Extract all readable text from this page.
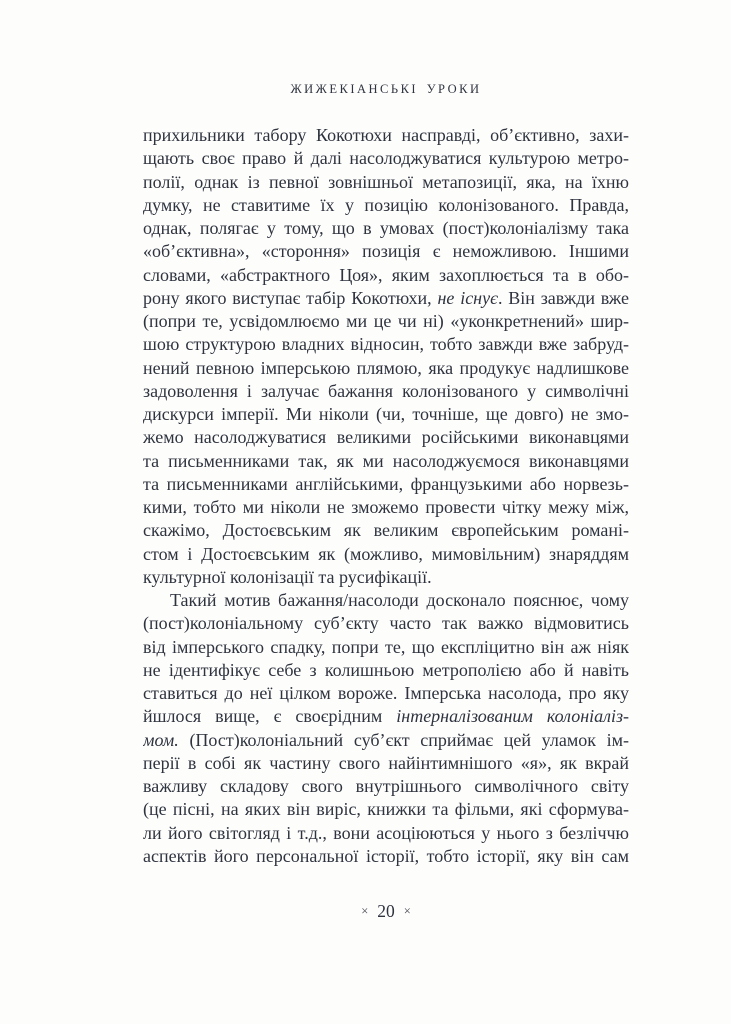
ЖИЖЕКІАНСЬКІ УРОКИ
прихильники табору Кокотюхи насправді, об’єктивно, захи-
щають своє право й далі насолоджуватися культурою метро-
полії, однак із певної зовнішньої метапозиції, яка, на їхню
думку, не ставитиме їх у позицію колонізованого. Правда,
однак, полягає у тому, що в умовах (пост)колоніалізму така
«об’єктивна», «стороння» позиція є неможливою. Іншими
словами, «абстрактного Цоя», яким захоплюється та в обо-
рону якого виступає табір Кокотюхи, не існує. Він завжди вже
(попри те, усвідомлюємо ми це чи ні) «уконкретнений» шир-
шою структурою владних відносин, тобто завжди вже забруд-
нений певною імперською плямою, яка продукує надлишкове
задоволення і залучає бажання колонізованого у символічні
дискурси імперії. Ми ніколи (чи, точніше, ще довго) не змо-
жемо насолоджуватися великими російськими виконавцями
та письменниками так, як ми насолоджуємося виконавцями
та письменниками англійськими, французькими або норвезь-
кими, тобто ми ніколи не зможемо провести чітку межу між,
скажімо, Достоєвським як великим європейським романі-
стом і Достоєвським як (можливо, мимовільним) знаряддям
культурної колонізації та русифікації.
Такий мотив бажання/насолоди досконало пояснює, чому
(пост)колоніальному суб’єкту часто так важко відмовитись
від імперського спадку, попри те, що експліцитно він аж ніяк
не ідентифікує себе з колишньою метрополією або й навіть
ставиться до неї цілком вороже. Імперська насолода, про яку
йшлося вище, є своєрідним інтерналізованим колоніаліз-
мом. (Пост)колоніальний суб’єкт сприймає цей уламок ім-
перії в собі як частину свого найінтимнішого «я», як вкрай
важливу складову свого внутрішнього символічного світу
(це пісні, на яких він виріс, книжки та фільми, які сформува-
ли його світогляд і т.д., вони асоціюються у нього з безліччю
аспектів його персональної історії, тобто історії, яку він сам
× 20 ×
